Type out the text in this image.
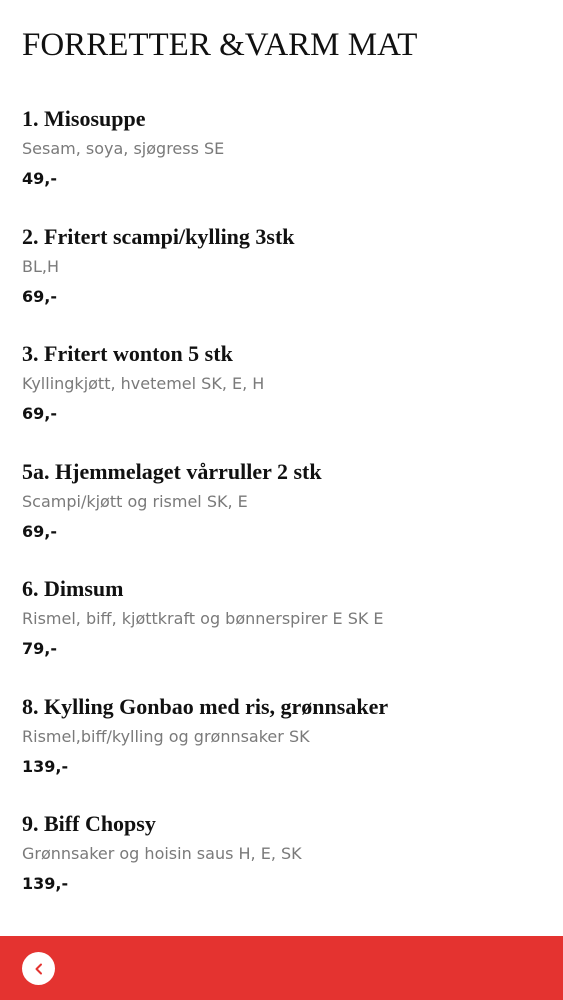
FORRETTER &VARM MAT
1. Misosuppe
Sesam, soya, sjøgress SE
49,-
2. Fritert scampi/kylling 3stk
BL,H
69,-
3. Fritert wonton 5 stk
Kyllingkjøtt, hvetemel SK, E, H
69,-
5a. Hjemmelaget vårruller 2 stk
Scampi/kjøtt og rismel SK, E
69,-
6. Dimsum
Rismel, biff, kjøttkraft og bønnerspirer E SK E
79,-
8. Kylling Gonbao med ris, grønnsaker
Rismel,biff/kylling og grønnsaker SK
139,-
9. Biff Chopsy
Grønnsaker og hoisin saus H, E, SK
139,-
